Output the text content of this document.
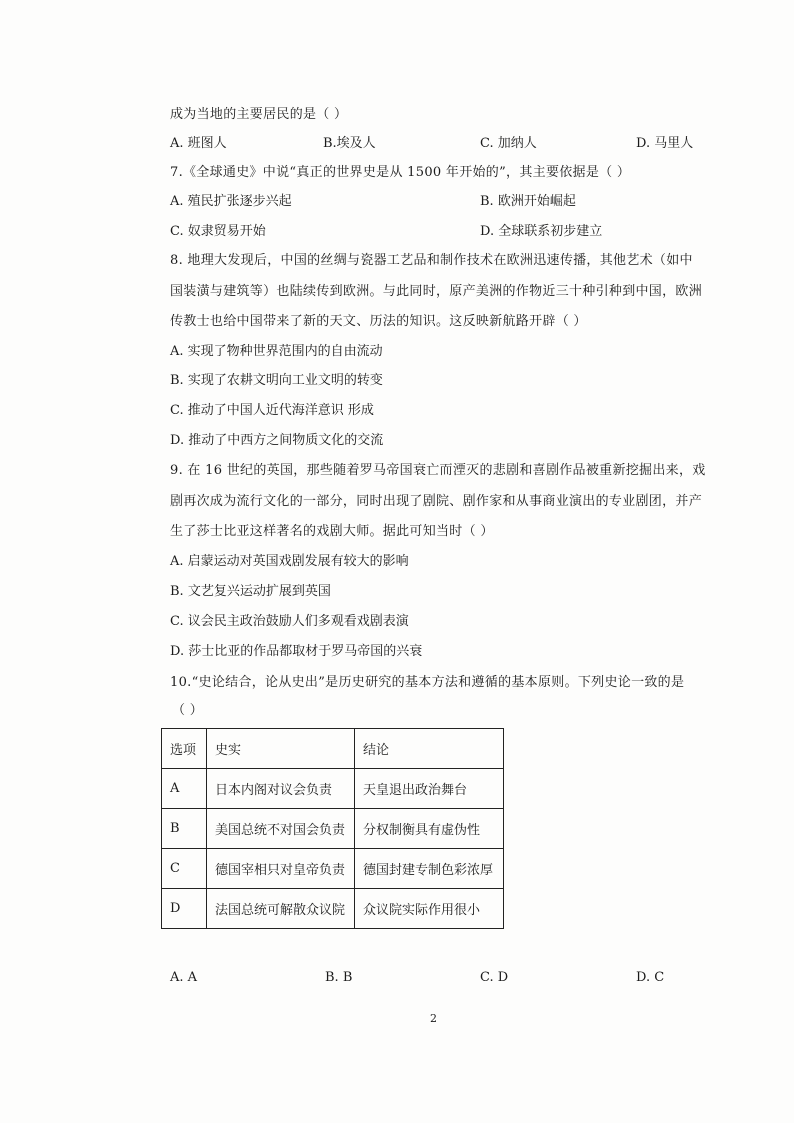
成为当地的主要居民的是（ ）
A. 班图人	B.埃及人	C. 加纳人	D. 马里人
7.《全球通史》中说“真正的世界史是从 1500 年开始的”，其主要依据是（ ）
A. 殖民扩张逐步兴起	B. 欧洲开始崛起
C. 奴隶贸易开始	D. 全球联系初步建立
8. 地理大发现后，中国的丝绸与瓷器工艺品和制作技术在欧洲迅速传播，其他艺术（如中
国装潢与建筑等）也陆续传到欧洲。与此同时，原产美洲的作物近三十种引种到中国，欧洲
传教士也给中国带来了新的天文、历法的知识。这反映新航路开辟（ ）
A. 实现了物种世界范围内的自由流动
B. 实现了农耕文明向工业文明的转变
C. 推动了中国人近代海洋意识 形成
D. 推动了中西方之间物质文化的交流
9. 在 16 世纪的英国，那些随着罗马帝国衰亡而湮灭的悲剧和喜剧作品被重新挖掘出来，戏
剧再次成为流行文化的一部分，同时出现了剧院、剧作家和从事商业演出的专业剧团，并产
生了莎士比亚这样著名的戏剧大师。据此可知当时（ ）
A. 启蒙运动对英国戏剧发展有较大的影响
B. 文艺复兴运动扩展到英国
C. 议会民主政治鼓励人们多观看戏剧表演
D. 莎士比亚的作品都取材于罗马帝国的兴衰
10.“史论结合，论从史出”是历史研究的基本方法和遵循的基本原则。下列史论一致的是
（ ）
选项	史实	结论
A	日本内阁对议会负责	天皇退出政治舞台
B	美国总统不对国会负责	分权制衡具有虚伪性
C	德国宰相只对皇帝负责	德国封建专制色彩浓厚
D	法国总统可解散众议院	众议院实际作用很小
A. A	B. B	C. D	D. C
2
